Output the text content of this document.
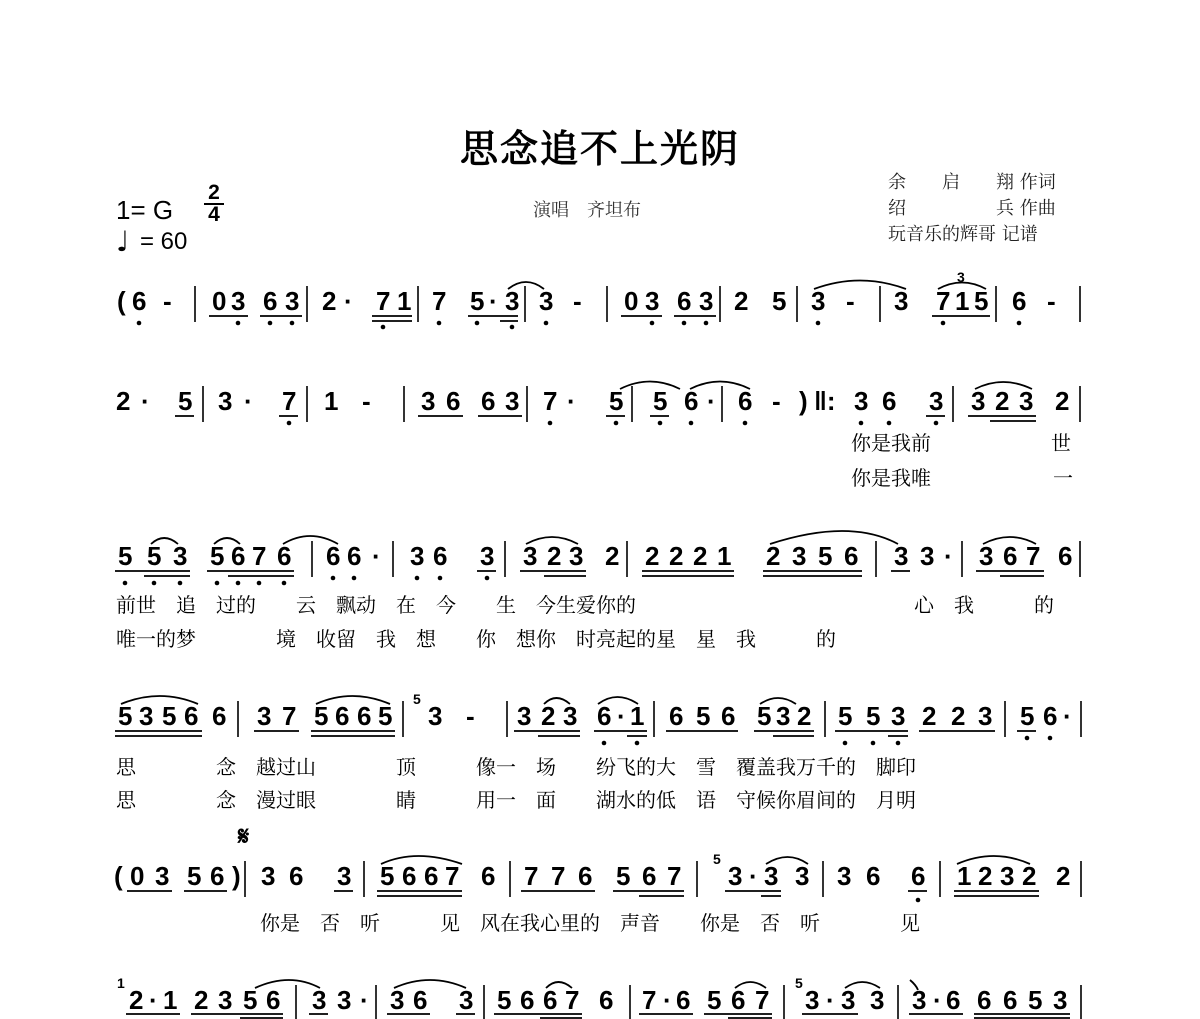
思念追不上光阴
演唱　齐坦布
余　　启　　翔 作词
绍　　　　　兵 作曲
玩音乐的辉哥 记谱
1= G
2
4
♩ = 60
( 6 - 0 3 6 3 2 · 7 1 7 5 · 3 3 - 0 3 6 3 2 5 3 - 3 7 1 5 6 -
2 · 5 3 · 7 1 - 3 6 6 3 7 · 5 5 6 · 6 - ) ‖: 3 6 3 3 2 3 2
5 5 3 5 6 7 6 6 6 · 3 6 3 3 2 3 2 2 2 2 1 2 3 5 6 3 3 · 3 6 7 6
5 3 5 6 6 3 7 5 6 6 5 3 - 3 2 3 6 · 1 6 5 6 5 3 2 5 5 3 2 2 3 5 6 ·
( 0 3 5 6 ) 3 6 3 5 6 6 7 6 7 7 6 5 6 7 3 · 3 3 3 6 6 1 2 3 2 2
2 · 1 2 3 5 6 3 3 · 3 6 3 5 6 6 7 6 7 · 6 5 6 7 3 · 3 3 3 · 6 6 6 5 3
你是我前	世
你是我唯	一
前世　追　过的　　云　飘动　在　今　　生　今生爱你的	心　我　　　的
唯一的梦　　　　境　收留　我　想　　你　想你　时亮起的星　星　我　　　的
思　　　　念　越过山　　　　顶　　　像一　场　　纷飞的大　雪　覆盖我万千的　脚印
思　　　　念　漫过眼　　　　睛　　　用一　面　　湖水的低　语　守候你眉间的　月明
你是　否　听　　　见　风在我心里的　声音　　你是　否　听　　　　见
3
5
5
5
1
𝄋
